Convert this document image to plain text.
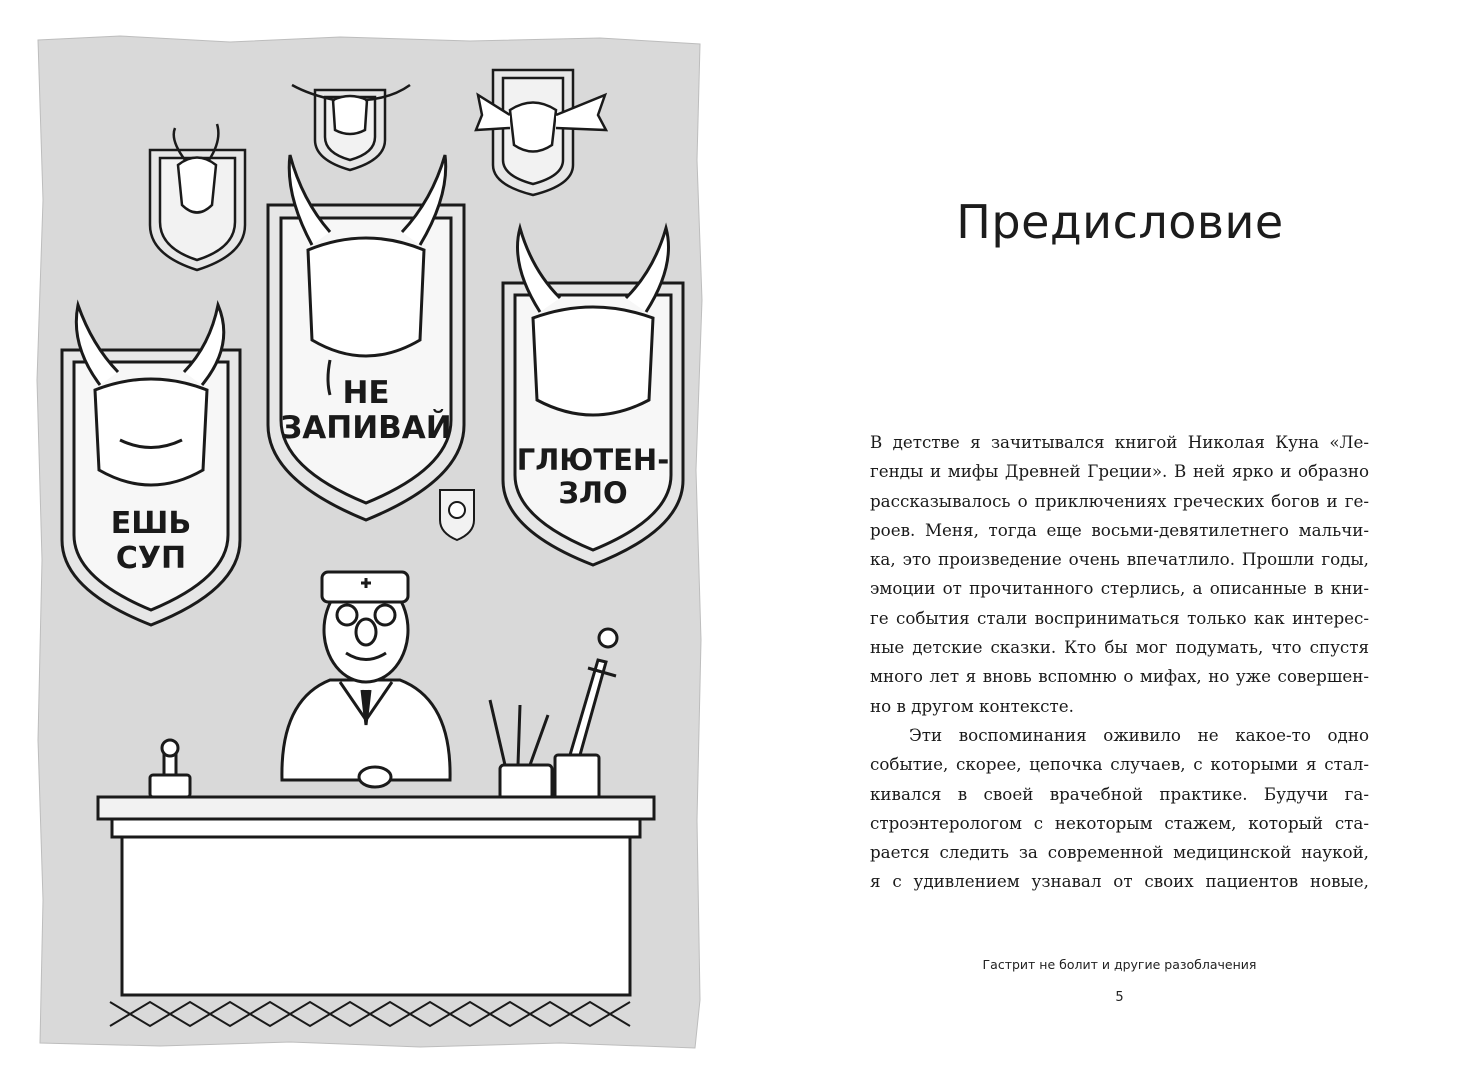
ЕШЬ
СУП
НЕ
ЗАПИВАЙ
ГЛЮТЕН-
ЗЛО
Предисловие
В детстве я зачитывался книгой Николая Куна «Ле-
генды и мифы Древней Греции». В ней ярко и образно
рассказывалось о приключениях греческих богов и ге-
роев. Меня, тогда еще восьми-девятилетнего мальчи-
ка, это произведение очень впечатлило. Прошли годы,
эмоции от прочитанного стерлись, а описанные в кни-
ге события стали восприниматься только как интерес-
ные детские сказки. Кто бы мог подумать, что спустя
много лет я вновь вспомню о мифах, но уже совершен-
но в другом контексте.
Эти воспоминания оживило не какое-то одно
событие, скорее, цепочка случаев, с которыми я стал-
кивался в своей врачебной практике. Будучи га-
строэнтерологом с некоторым стажем, который ста-
рается следить за современной медицинской наукой,
я с удивлением узнавал от своих пациентов новые,
Гастрит не болит и другие разоблачения
5
